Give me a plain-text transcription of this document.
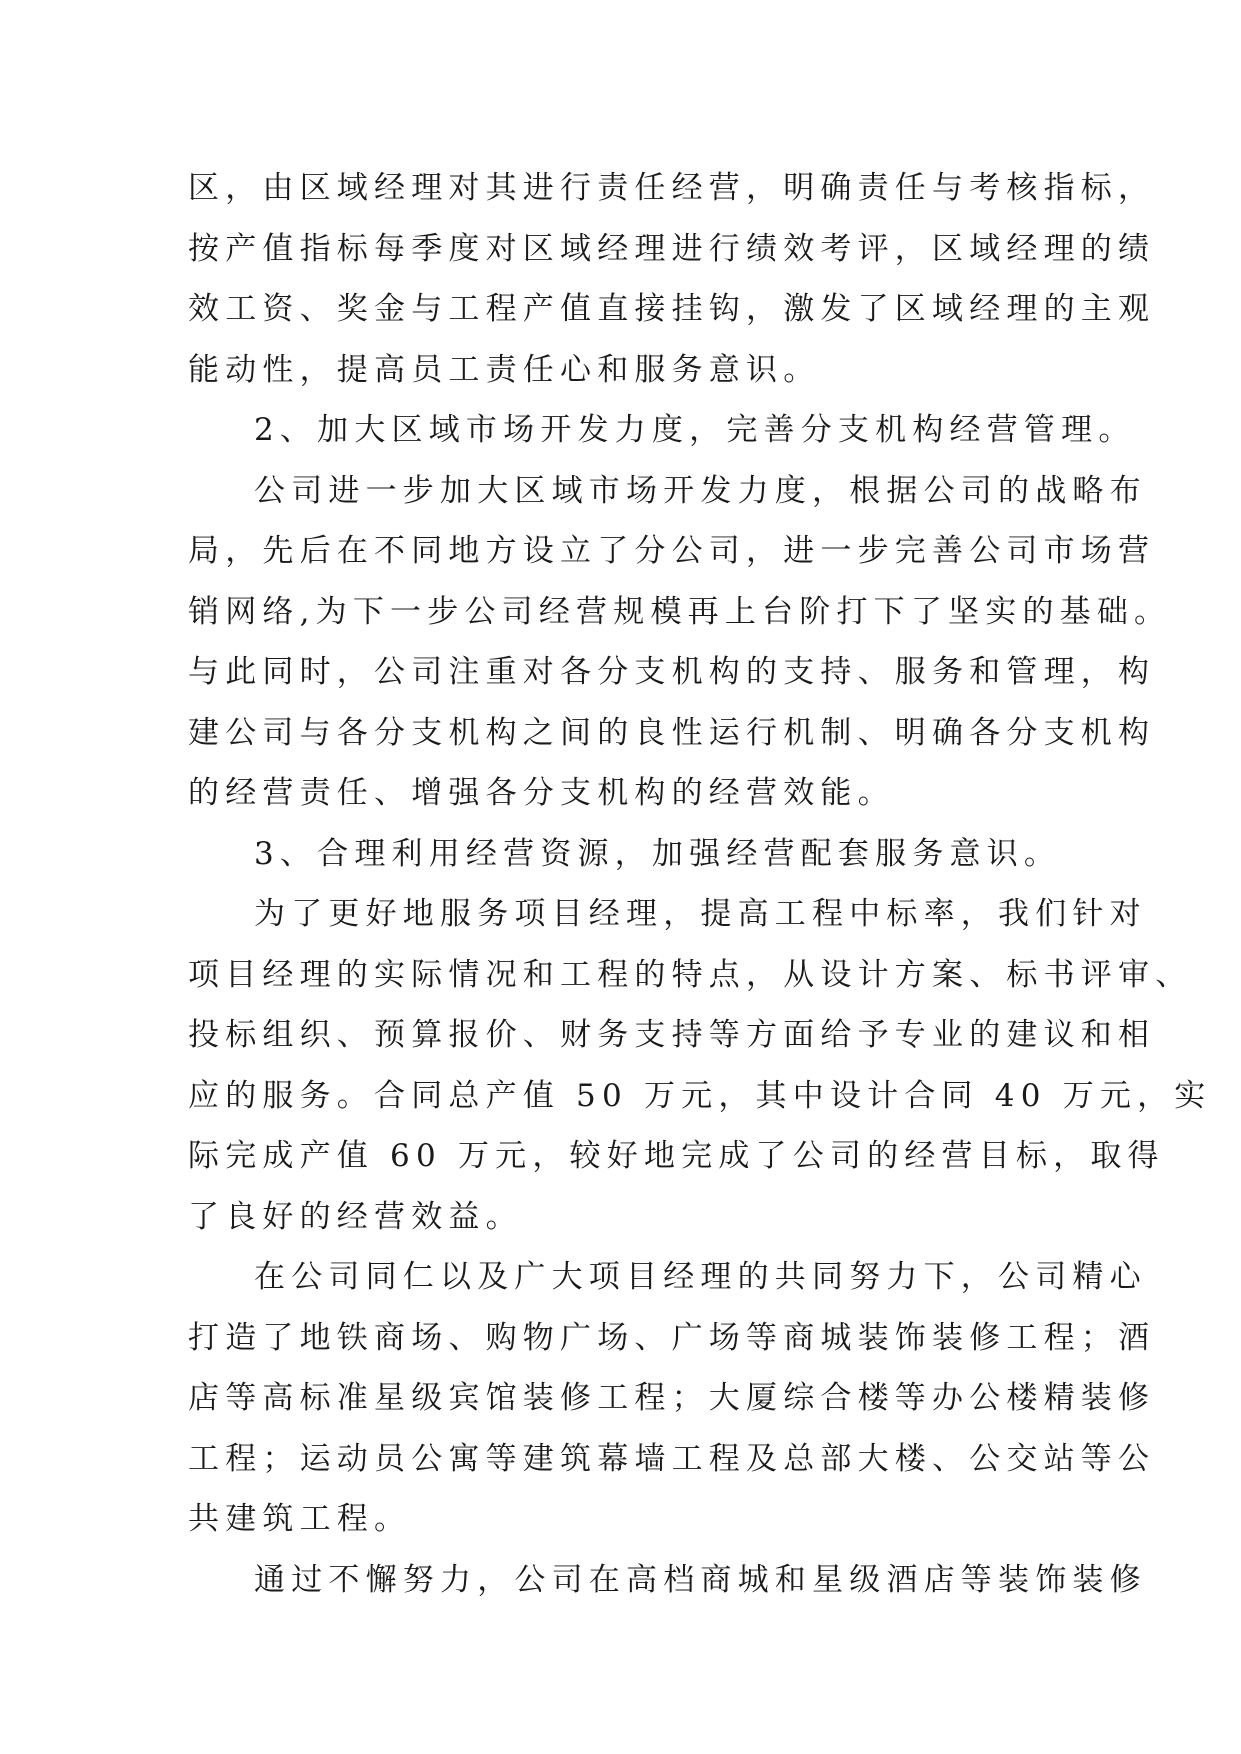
区，由区域经理对其进行责任经营，明确责任与考核指标，
按产值指标每季度对区域经理进行绩效考评，区域经理的绩
效工资、奖金与工程产值直接挂钩，激发了区域经理的主观
能动性，提高员工责任心和服务意识。
2、加大区域市场开发力度，完善分支机构经营管理。
公司进一步加大区域市场开发力度，根据公司的战略布
局，先后在不同地方设立了分公司，进一步完善公司市场营
销网络,为下一步公司经营规模再上台阶打下了坚实的基础。
与此同时，公司注重对各分支机构的支持、服务和管理，构
建公司与各分支机构之间的良性运行机制、明确各分支机构
的经营责任、增强各分支机构的经营效能。
3、合理利用经营资源，加强经营配套服务意识。
为了更好地服务项目经理，提高工程中标率，我们针对
项目经理的实际情况和工程的特点，从设计方案、标书评审、
投标组织、预算报价、财务支持等方面给予专业的建议和相
应的服务。合同总产值 50 万元，其中设计合同 40 万元，实
际完成产值 60 万元，较好地完成了公司的经营目标，取得
了良好的经营效益。
在公司同仁以及广大项目经理的共同努力下，公司精心
打造了地铁商场、购物广场、广场等商城装饰装修工程；酒
店等高标准星级宾馆装修工程；大厦综合楼等办公楼精装修
工程；运动员公寓等建筑幕墙工程及总部大楼、公交站等公
共建筑工程。
通过不懈努力，公司在高档商城和星级酒店等装饰装修
